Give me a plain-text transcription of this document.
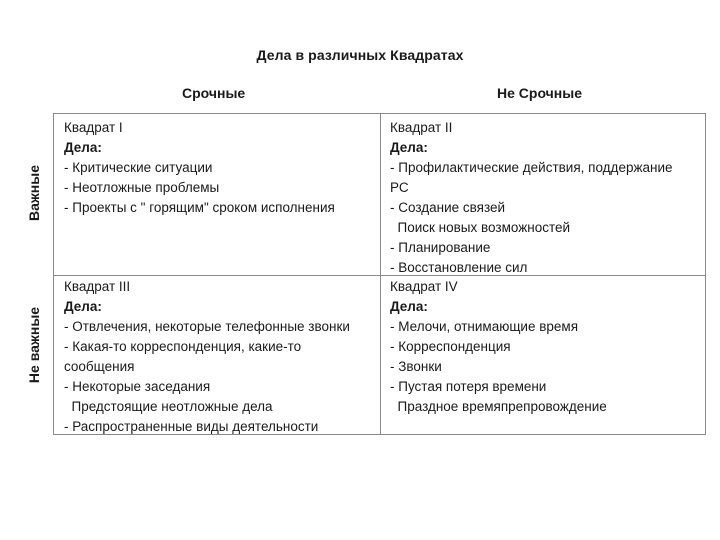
Дела в различных Квадратах
Срочные	Не Срочные
Важные
Не важные
Квадрат I
Дела:
- Критические ситуации
- Неотложные проблемы
- Проекты с " горящим" сроком исполнения
Квадрат II
Дела:
- Профилактические действия, поддержание
РС
- Создание связей
Поиск новых возможностей
- Планирование
- Восстановление сил
Квадрат III
Дела:
- Отвлечения, некоторые телефонные звонки
- Какая-то корреспонденция, какие-то
сообщения
- Некоторые заседания
Предстоящие неотложные дела
- Распространенные виды деятельности
Квадрат IV
Дела:
- Мелочи, отнимающие время
- Корреспонденция
- Звонки
- Пустая потеря времени
Праздное времяпрепровождение
